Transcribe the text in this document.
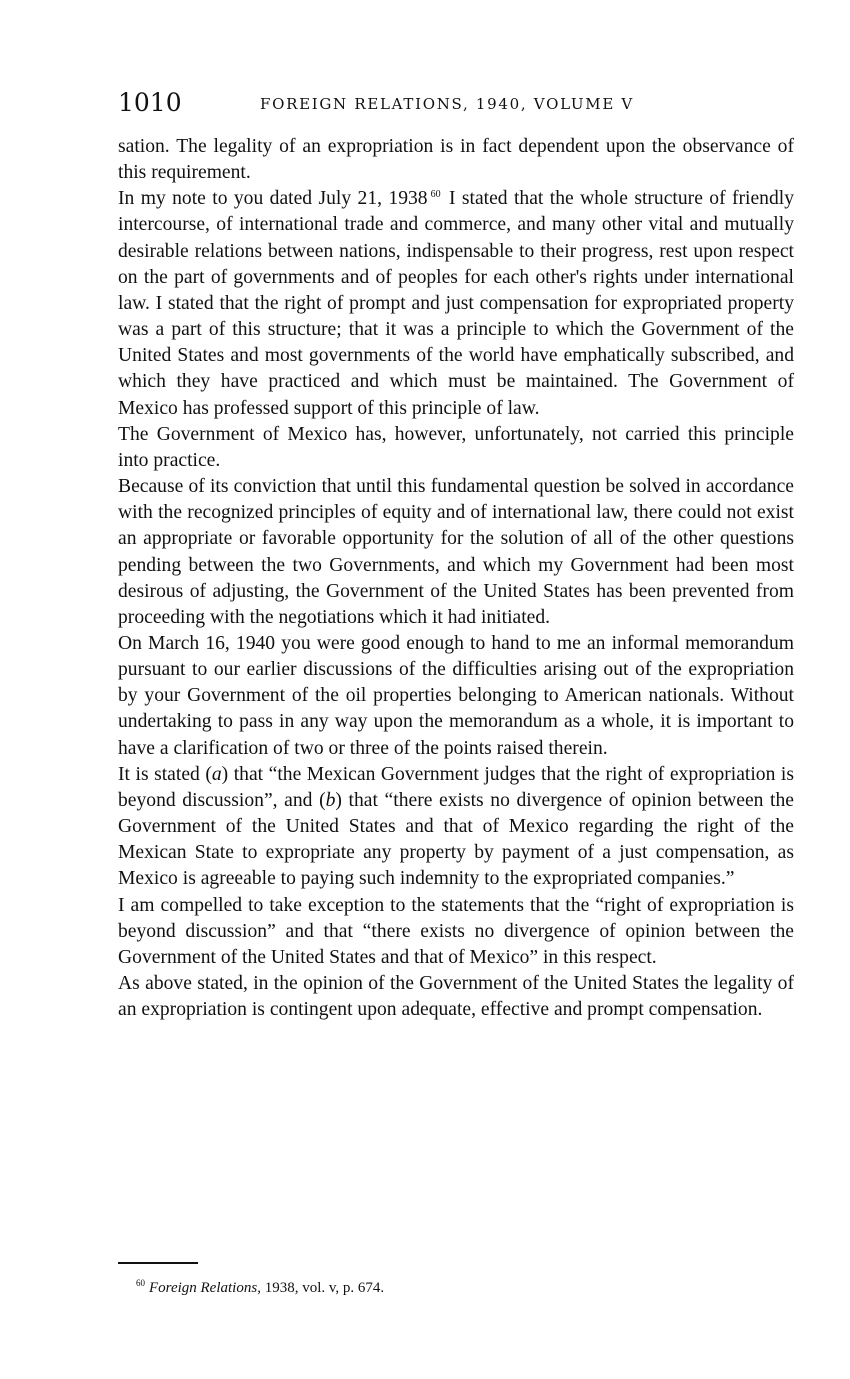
1010	FOREIGN RELATIONS, 1940, VOLUME V

sation. The legality of an expropriation is in fact dependent upon the observance of this requirement.

In my note to you dated July 21, 1938 $^{60}$ I stated that the whole structure of friendly intercourse, of international trade and commerce, and many other vital and mutually desirable relations between nations, indispensable to their progress, rest upon respect on the part of governments and of peoples for each other's rights under international law. I stated that the right of prompt and just compensation for expropriated property was a part of this structure; that it was a principle to which the Government of the United States and most governments of the world have emphatically subscribed, and which they have practiced and which must be maintained. The Government of Mexico has professed support of this principle of law.

The Government of Mexico has, however, unfortunately, not carried this principle into practice.

Because of its conviction that until this fundamental question be solved in accordance with the recognized principles of equity and of international law, there could not exist an appropriate or favorable opportunity for the solution of all of the other questions pending between the two Governments, and which my Government had been most desirous of adjusting, the Government of the United States has been prevented from proceeding with the negotiations which it had initiated.

On March 16, 1940 you were good enough to hand to me an informal memorandum pursuant to our earlier discussions of the difficulties arising out of the expropriation by your Government of the oil properties belonging to American nationals. Without undertaking to pass in any way upon the memorandum as a whole, it is important to have a clarification of two or three of the points raised therein.

It is stated (a) that “the Mexican Government judges that the right of expropriation is beyond discussion”, and (b) that “there exists no divergence of opinion between the Government of the United States and that of Mexico regarding the right of the Mexican State to expropriate any property by payment of a just compensation, as Mexico is agreeable to paying such indemnity to the expropriated companies.”

I am compelled to take exception to the statements that the “right of expropriation is beyond discussion” and that “there exists no divergence of opinion between the Government of the United States and that of Mexico” in this respect.

As above stated, in the opinion of the Government of the United States the legality of an expropriation is contingent upon adequate, effective and prompt compensation.

$^{60}$ Foreign Relations, 1938, vol. v, p. 674.
